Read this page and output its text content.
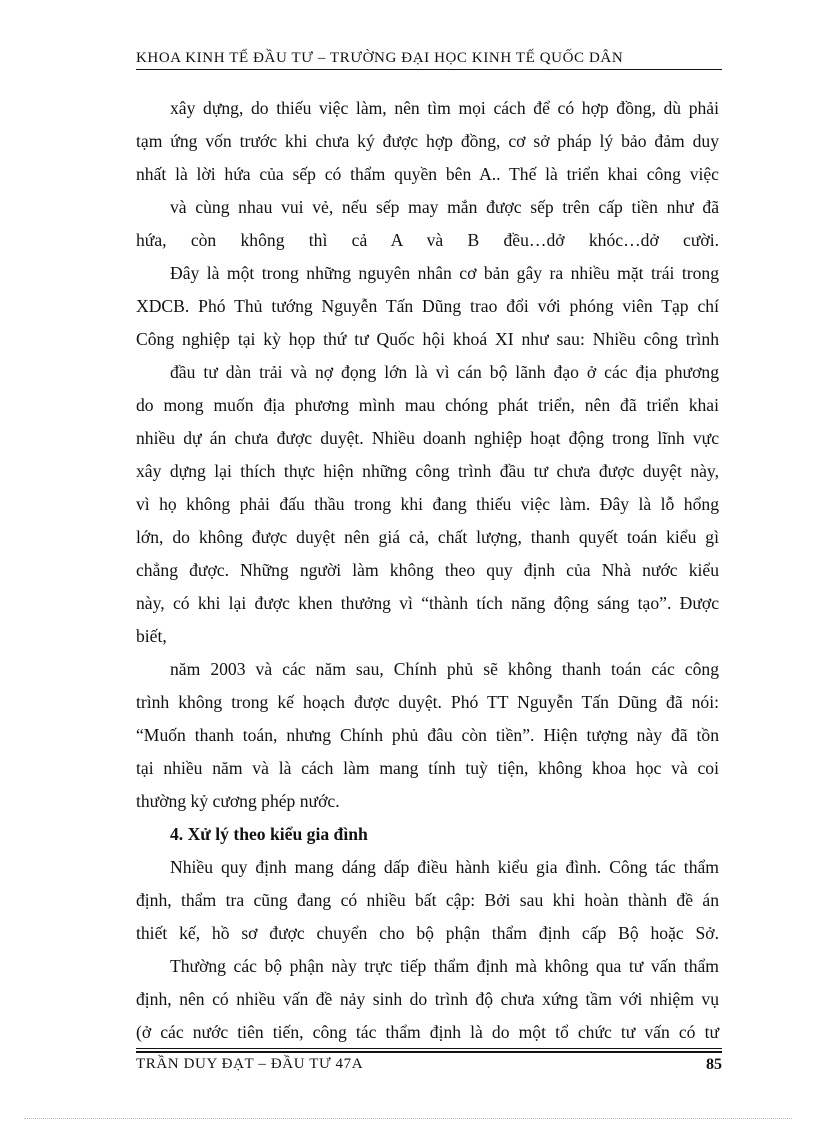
KHOA KINH TẾ ĐẦU TƯ – TRƯỜNG ĐẠI HỌC KINH TẾ QUỐC DÂN
xây dựng, do thiếu việc làm, nên tìm mọi cách để có hợp đồng, dù phải
tạm ứng vốn trước khi chưa ký được hợp đồng, cơ sở pháp lý bảo đảm duy
nhất là lời hứa của sếp có thẩm quyền bên A.. Thế là triển khai công việc
và cùng nhau vui vẻ, nếu sếp may mắn được sếp trên cấp tiền như đã
hứa, còn không thì cả A và B đều…dở khóc…dở cười.
Đây là một trong những nguyên nhân cơ bản gây ra nhiều mặt trái trong
XDCB. Phó Thủ tướng Nguyễn Tấn Dũng trao đổi với phóng viên Tạp chí
Công nghiệp tại kỳ họp thứ tư Quốc hội khoá XI như sau: Nhiều công trình
đầu tư dàn trải và nợ đọng lớn là vì cán bộ lãnh đạo ở các địa phương
do mong muốn địa phương mình mau chóng phát triển, nên đã triển khai
nhiều dự án chưa được duyệt. Nhiều doanh nghiệp hoạt động trong lĩnh vực
xây dựng lại thích thực hiện những công trình đầu tư chưa được duyệt này,
vì họ không phải đấu thầu trong khi đang thiếu việc làm. Đây là lỗ hổng
lớn, do không được duyệt nên giá cả, chất lượng, thanh quyết toán kiểu gì
chẳng được. Những người làm không theo quy định của Nhà nước kiểu
này, có khi lại được khen thưởng vì “thành tích năng động sáng tạo”. Được
biết,
năm 2003 và các năm sau, Chính phủ sẽ không thanh toán các công
trình không trong kế hoạch được duyệt. Phó TT Nguyễn Tấn Dũng đã nói:
“Muốn thanh toán, nhưng Chính phủ đâu còn tiền”. Hiện tượng này đã tồn
tại nhiều năm và là cách làm mang tính tuỳ tiện, không khoa học và coi
thường kỷ cương phép nước.
4. Xử lý theo kiểu gia đình
Nhiều quy định mang dáng dấp điều hành kiểu gia đình. Công tác thẩm
định, thẩm tra cũng đang có nhiều bất cập: Bởi sau khi hoàn thành đề án
thiết kế, hồ sơ được chuyển cho bộ phận thẩm định cấp Bộ hoặc Sở.
Thường các bộ phận này trực tiếp thẩm định mà không qua tư vấn thẩm
định, nên có nhiều vấn đề nảy sinh do trình độ chưa xứng tầm với nhiệm vụ
(ở các nước tiên tiến, công tác thẩm định là do một tổ chức tư vấn có tư
TRẦN DUY ĐẠT – ĐẦU TƯ 47A	85
